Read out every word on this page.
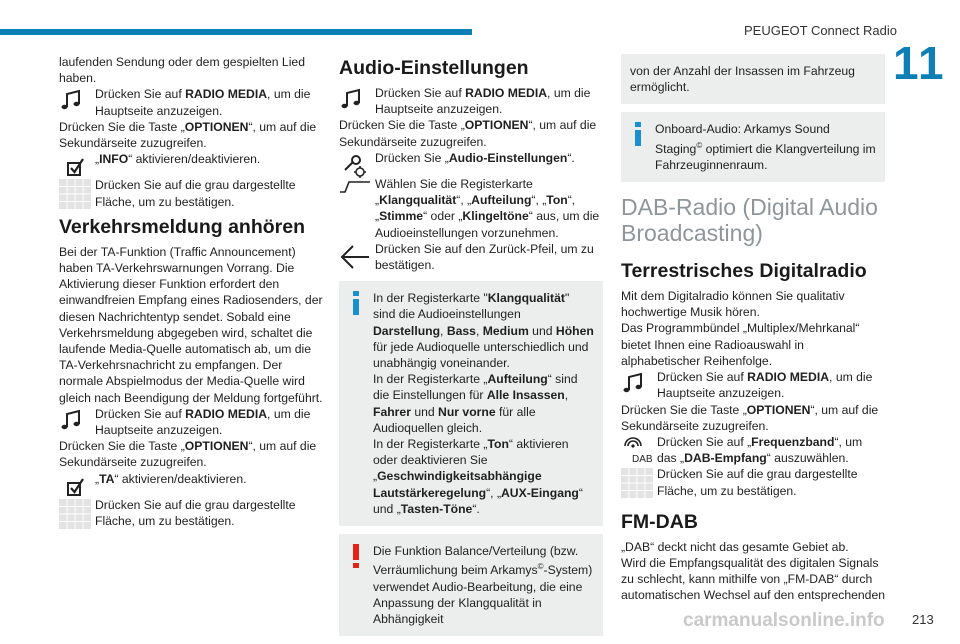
PEUGEOT Connect Radio
11

laufenden Sendung oder dem gespielten Lied haben.

Drücken Sie auf RADIO MEDIA, um die Hauptseite anzuzeigen.

Drücken Sie die Taste „OPTIONEN“, um auf die Sekundärseite zuzugreifen.

„INFO“ aktivieren/deaktivieren.
Drücken Sie auf die grau dargestellte Fläche, um zu bestätigen.
Verkehrsmeldung anhören

Bei der TA-Funktion (Traffic Announcement) haben TA-Verkehrswarnungen Vorrang. Die Aktivierung dieser Funktion erfordert den einwandfreien Empfang eines Radiosenders, der diesen Nachrichtentyp sendet. Sobald eine Verkehrsmeldung abgegeben wird, schaltet die laufende Media-Quelle automatisch ab, um die TA-Verkehrsnachricht zu empfangen. Der normale Abspielmodus der Media-Quelle wird gleich nach Beendigung der Meldung fortgeführt.

Drücken Sie auf RADIO MEDIA, um die Hauptseite anzuzeigen.

Drücken Sie die Taste „OPTIONEN“, um auf die Sekundärseite zuzugreifen.

„TA“ aktivieren/deaktivieren.
Drücken Sie auf die grau dargestellte Fläche, um zu bestätigen.
Audio-Einstellungen
Drücken Sie auf RADIO MEDIA, um die Hauptseite anzuzeigen.

Drücken Sie die Taste „OPTIONEN“, um auf die Sekundärseite zuzugreifen.

Drücken Sie „Audio-Einstellungen“.
Wählen Sie die Registerkarte „Klangqualität“, „Aufteilung“, „Ton“, „Stimme“ oder „Klingeltöne“ aus, um die Audioeinstellungen vorzunehmen.
Drücken Sie auf den Zurück-Pfeil, um zu bestätigen.
In der Registerkarte "Klangqualität" sind die Audioeinstellungen Darstellung, Bass, Medium und Höhen für jede Audioquelle unterschiedlich und unabhängig voneinander.
In der Registerkarte „Aufteilung“ sind die Einstellungen für Alle Insassen, Fahrer und Nur vorne für alle Audioquellen gleich.
In der Registerkarte „Ton“ aktivieren oder deaktivieren Sie „Geschwindigkeitsabhängige Lautstärkeregelung“, „AUX-Eingang“ und „Tasten-Töne“.
Die Funktion Balance/Verteilung (bzw. Verräumlichung beim Arkamys©-System) verwendet Audio-Bearbeitung, die eine Anpassung der Klangqualität in Abhängigkeit
von der Anzahl der Insassen im Fahrzeug ermöglicht.
Onboard-Audio: Arkamys Sound Staging© optimiert die Klangverteilung im Fahrzeuginnenraum.
DAB-Radio (Digital Audio Broadcasting)
Terrestrisches Digitalradio

Mit dem Digitalradio können Sie qualitativ hochwertige Musik hören.

Das Programmbündel „Multiplex/Mehrkanal“ bietet Ihnen eine Radioauswahl in alphabetischer Reihenfolge.

Drücken Sie auf RADIO MEDIA, um die Hauptseite anzuzeigen.

Drücken Sie die Taste „OPTIONEN“, um auf die Sekundärseite zuzugreifen.

DAB
Drücken Sie auf „Frequenzband“, um das „DAB-Empfang“ auszuwählen.
Drücken Sie auf die grau dargestellte Fläche, um zu bestätigen.
FM-DAB

„DAB“ deckt nicht das gesamte Gebiet ab.

Wird die Empfangsqualität des digitalen Signals zu schlecht, kann mithilfe von „FM-DAB“ durch automatischen Wechsel auf den entsprechenden

carmanualsonline.info 213
